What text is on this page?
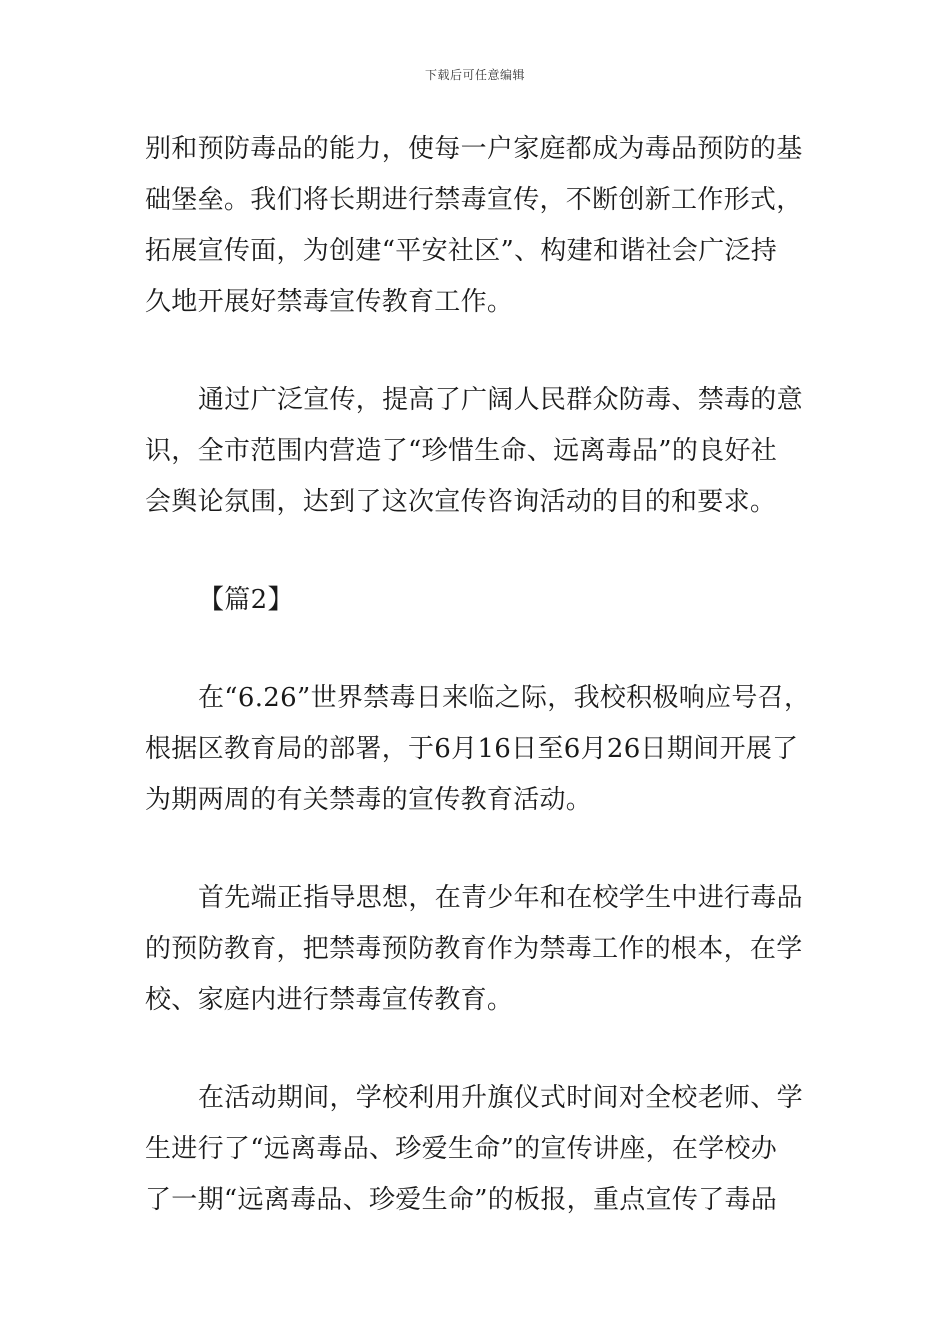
下载后可任意编辑
别和预防毒品的能力，使每一户家庭都成为毒品预防的基
础堡垒。我们将长期进行禁毒宣传，不断创新工作形式，
拓展宣传面，为创建“平安社区”、构建和谐社会广泛持
久地开展好禁毒宣传教育工作。
通过广泛宣传，提高了广阔人民群众防毒、禁毒的意
识，全市范围内营造了“珍惜生命、远离毒品”的良好社
会舆论氛围，达到了这次宣传咨询活动的目的和要求。
【篇2】
在“6.26”世界禁毒日来临之际，我校积极响应号召，
根据区教育局的部署，于6月16日至6月26日期间开展了
为期两周的有关禁毒的宣传教育活动。
首先端正指导思想，在青少年和在校学生中进行毒品
的预防教育，把禁毒预防教育作为禁毒工作的根本，在学
校、家庭内进行禁毒宣传教育。
在活动期间，学校利用升旗仪式时间对全校老师、学
生进行了“远离毒品、珍爱生命”的宣传讲座，在学校办
了一期“远离毒品、珍爱生命”的板报，重点宣传了毒品
